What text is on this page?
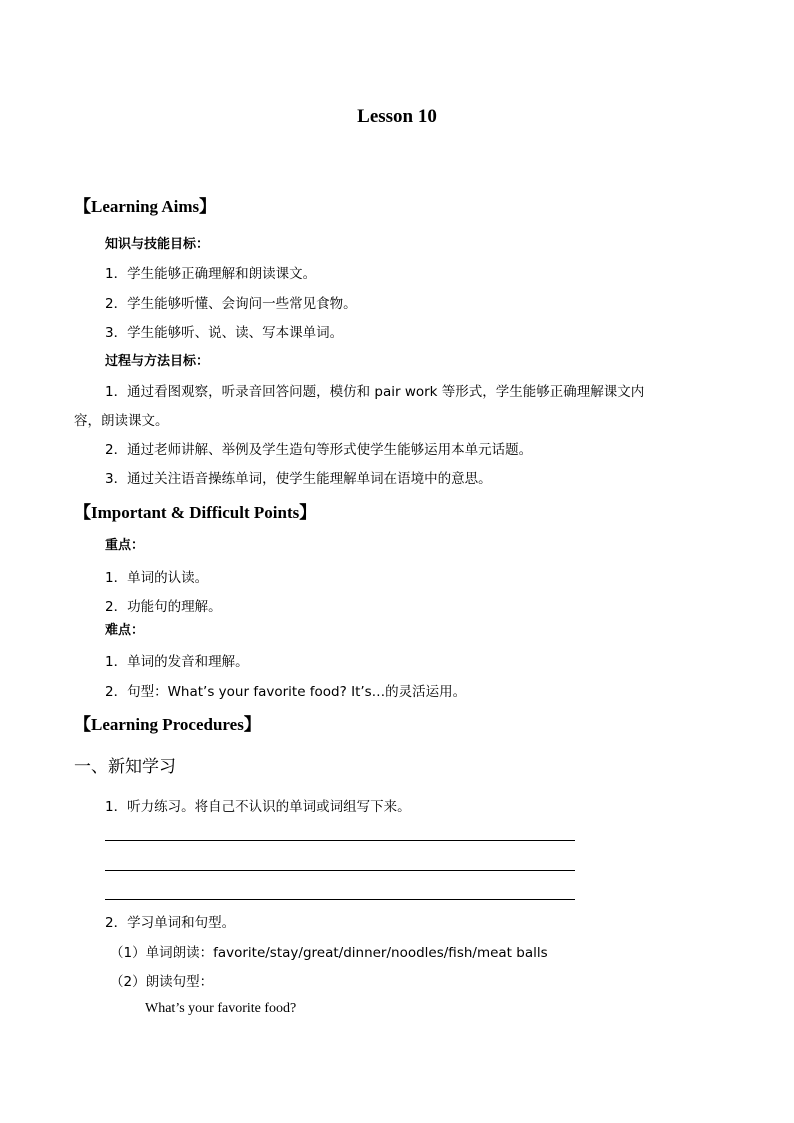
Lesson 10
【Learning Aims】
知识与技能目标：
1．学生能够正确理解和朗读课文。
2．学生能够听懂、会询问一些常见食物。
3．学生能够听、说、读、写本课单词。
过程与方法目标：
1．通过看图观察，听录音回答问题，模仿和 pair work 等形式，学生能够正确理解课文内
容，朗读课文。
2．通过老师讲解、举例及学生造句等形式使学生能够运用本单元话题。
3．通过关注语音操练单词，使学生能理解单词在语境中的意思。
【Important & Difficult Points】
重点：
1．单词的认读。
2．功能句的理解。
难点：
1．单词的发音和理解。
2．句型：What’s your favorite food? It’s…的灵活运用。
【Learning Procedures】
一、新知学习
1．听力练习。将自己不认识的单词或词组写下来。
2．学习单词和句型。
（1）单词朗读：favorite/stay/great/dinner/noodles/fish/meat balls
（2）朗读句型：
What’s your favorite food?
